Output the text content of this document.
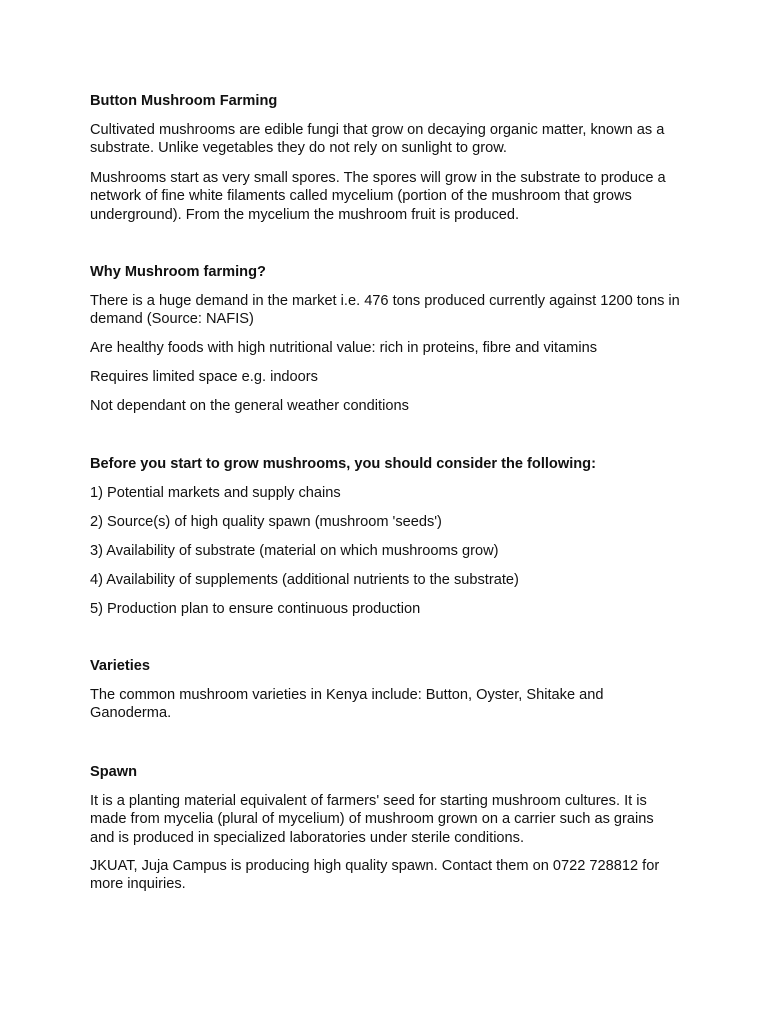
Button Mushroom Farming

Cultivated mushrooms are edible fungi that grow on decaying organic matter, known as a substrate. Unlike vegetables they do not rely on sunlight to grow.

Mushrooms start as very small spores. The spores will grow in the substrate to produce a network of fine white filaments called mycelium (portion of the mushroom that grows underground). From the mycelium the mushroom fruit is produced.

Why Mushroom farming?

There is a huge demand in the market i.e. 476 tons produced currently against 1200 tons in demand (Source: NAFIS)

Are healthy foods with high nutritional value: rich in proteins, fibre and vitamins

Requires limited space e.g. indoors

Not dependant on the general weather conditions

Before you start to grow mushrooms, you should consider the following:

1) Potential markets and supply chains

2) Source(s) of high quality spawn (mushroom 'seeds')

3) Availability of substrate (material on which mushrooms grow)

4) Availability of supplements (additional nutrients to the substrate)

5) Production plan to ensure continuous production

Varieties

The common mushroom varieties in Kenya include: Button, Oyster, Shitake and Ganoderma.

Spawn

It is a planting material equivalent of farmers' seed for starting mushroom cultures. It is made from mycelia (plural of mycelium) of mushroom grown on a carrier such as grains and is produced in specialized laboratories under sterile conditions.

JKUAT, Juja Campus is producing high quality spawn. Contact them on 0722 728812 for more inquiries.
